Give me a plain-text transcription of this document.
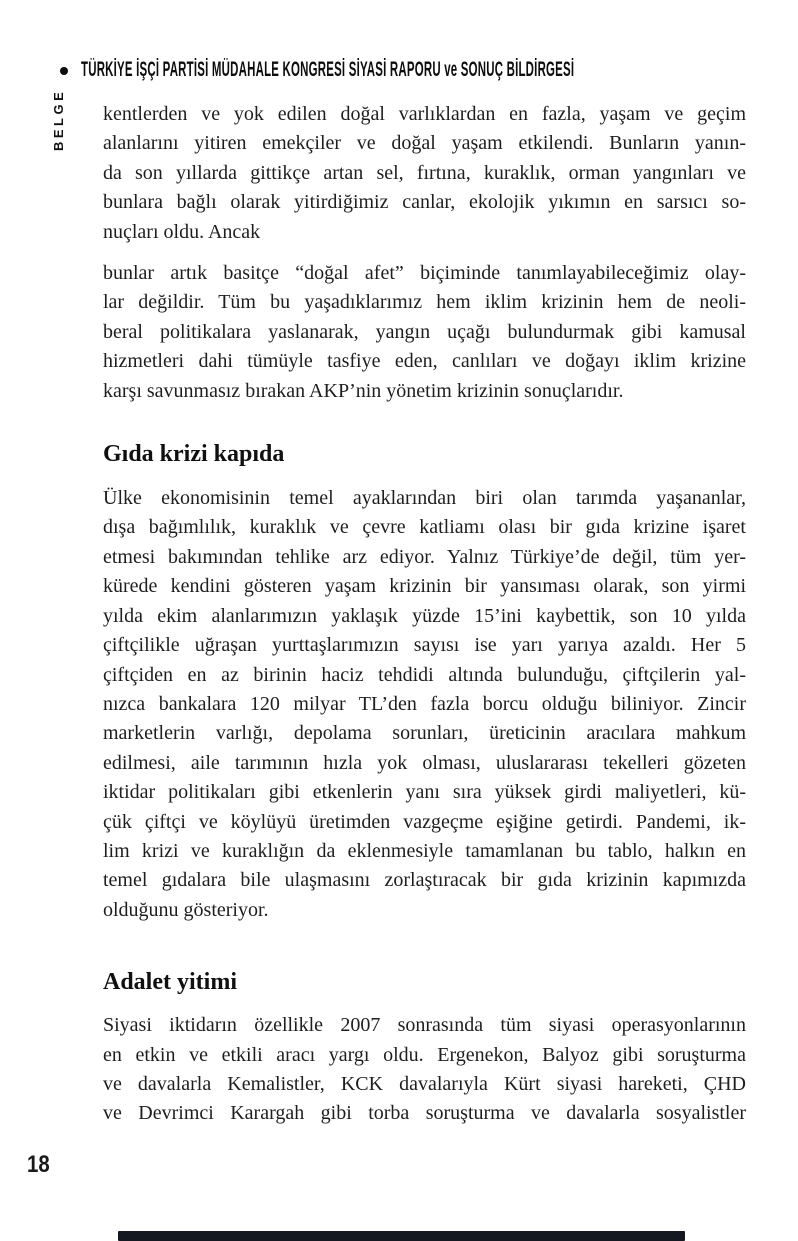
TÜRKİYE İŞÇİ PARTİSİ MÜDAHALE KONGRESİ SİYASİ RAPORU ve SONUÇ BİLDİRGESİ
BELGE kentlerden ve yok edilen doğal varlıklardan en fazla, yaşam ve geçim
alanlarını yitiren emekçiler ve doğal yaşam etkilendi. Bunların yanın-
da son yıllarda gittikçe artan sel, fırtına, kuraklık, orman yangınları ve
bunlara bağlı olarak yitirdiğimiz canlar, ekolojik yıkımın en sarsıcı so-
nuçları oldu. Ancak
bunlar artık basitçe “doğal afet” biçiminde tanımlayabileceğimiz olay-
lar değildir. Tüm bu yaşadıklarımız hem iklim krizinin hem de neoli-
beral politikalara yaslanarak, yangın uçağı bulundurmak gibi kamusal
hizmetleri dahi tümüyle tasfiye eden, canlıları ve doğayı iklim krizine
karşı savunmasız bırakan AKP’nin yönetim krizinin sonuçlarıdır.
Gıda krizi kapıda
Ülke ekonomisinin temel ayaklarından biri olan tarımda yaşananlar,
dışa bağımlılık, kuraklık ve çevre katliamı olası bir gıda krizine işaret
etmesi bakımından tehlike arz ediyor. Yalnız Türkiye’de değil, tüm yer-
kürede kendini gösteren yaşam krizinin bir yansıması olarak, son yirmi
yılda ekim alanlarımızın yaklaşık yüzde 15’ini kaybettik, son 10 yılda
çiftçilikle uğraşan yurttaşlarımızın sayısı ise yarı yarıya azaldı. Her 5
çiftçiden en az birinin haciz tehdidi altında bulunduğu, çiftçilerin yal-
nızca bankalara 120 milyar TL’den fazla borcu olduğu biliniyor. Zincir
marketlerin varlığı, depolama sorunları, üreticinin aracılara mahkum
edilmesi, aile tarımının hızla yok olması, uluslararası tekelleri gözeten
iktidar politikaları gibi etkenlerin yanı sıra yüksek girdi maliyetleri, kü-
çük çiftçi ve köylüyü üretimden vazgeçme eşiğine getirdi. Pandemi, ik-
lim krizi ve kuraklığın da eklenmesiyle tamamlanan bu tablo, halkın en
temel gıdalara bile ulaşmasını zorlaştıracak bir gıda krizinin kapımızda
olduğunu gösteriyor.
Adalet yitimi
Siyasi iktidarın özellikle 2007 sonrasında tüm siyasi operasyonlarının
en etkin ve etkili aracı yargı oldu. Ergenekon, Balyoz gibi soruşturma
ve davalarla Kemalistler, KCK davalarıyla Kürt siyasi hareketi, ÇHD
ve Devrimci Karargah gibi torba soruşturma ve davalarla sosyalistler
18
